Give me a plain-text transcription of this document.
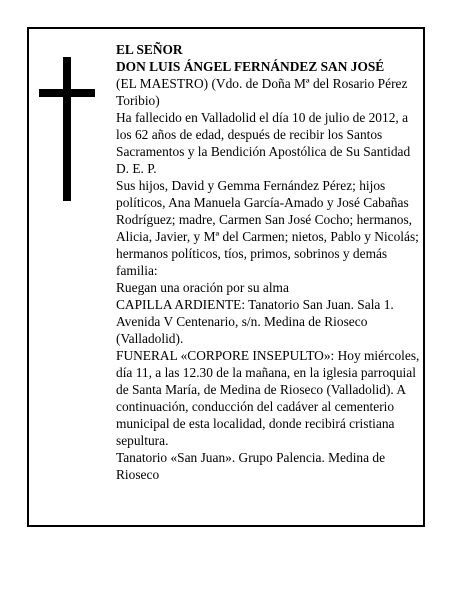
EL SEÑOR

DON LUIS ÁNGEL FERNÁNDEZ SAN JOSÉ

(EL MAESTRO) (Vdo. de Doña Mª del Rosario Pérez Toribio)

Ha fallecido en Valladolid el día 10 de julio de 2012, a los 62 años de edad, después de recibir los Santos Sacramentos y la Bendición Apostólica de Su Santidad D. E. P.

Sus hijos, David y Gemma Fernández Pérez; hijos políticos, Ana Manuela García-Amado y José Cabañas Rodríguez; madre, Carmen San José Cocho; hermanos, Alicia, Javier, y Mª del Carmen; nietos, Pablo y Nicolás; hermanos políticos, tíos, primos, sobrinos y demás familia:

Ruegan una oración por su alma

CAPILLA ARDIENTE: Tanatorio San Juan. Sala 1. Avenida V Centenario, s/n. Medina de Rioseco (Valladolid).

FUNERAL «CORPORE INSEPULTO»: Hoy miércoles, día 11, a las 12.30 de la mañana, en la iglesia parroquial de Santa María, de Medina de Rioseco (Valladolid). A continuación, conducción del cadáver al cementerio municipal de esta localidad, donde recibirá cristiana sepultura.

Tanatorio «San Juan». Grupo Palencia. Medina de Rioseco
